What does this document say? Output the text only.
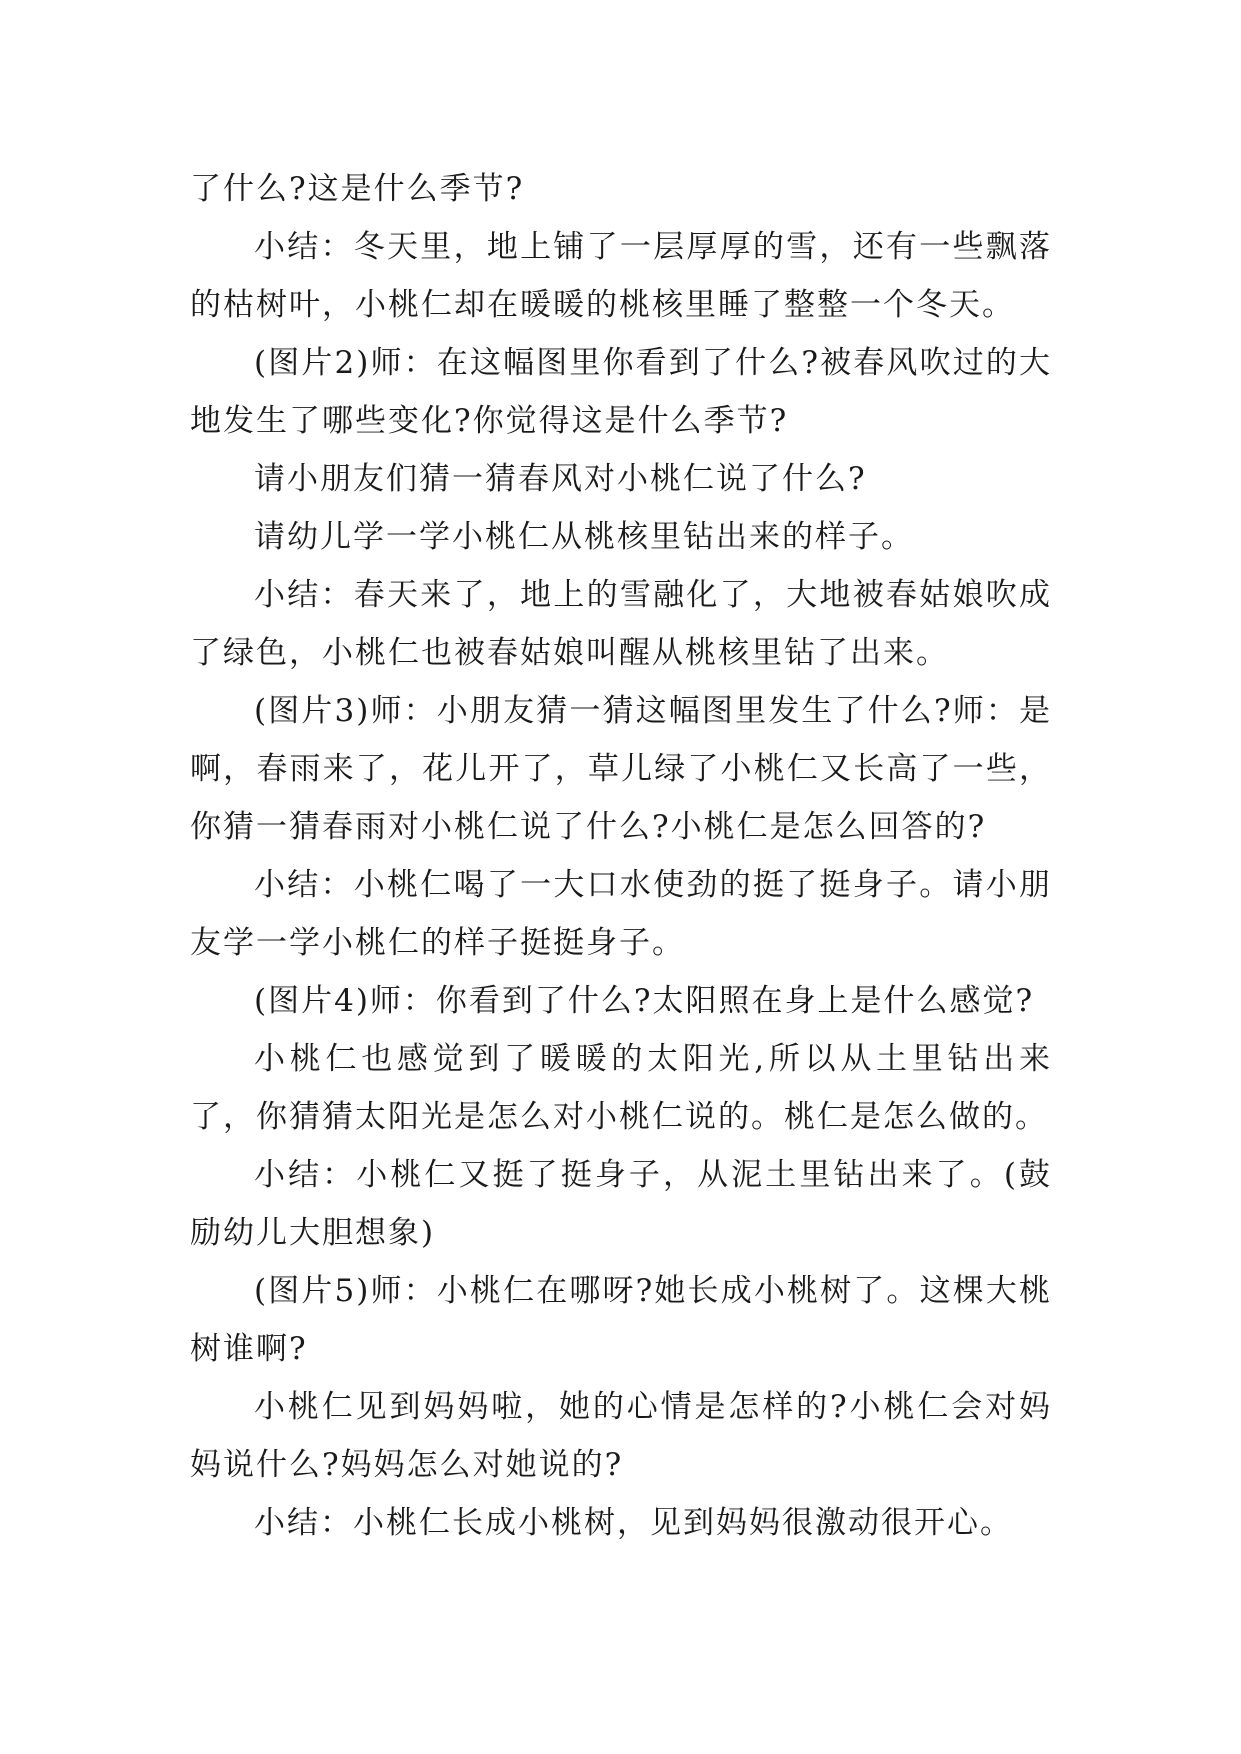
了什么?这是什么季节?

小结：冬天里，地上铺了一层厚厚的雪，还有一些飘落的枯树叶，小桃仁却在暖暖的桃核里睡了整整一个冬天。

(图片2)师：在这幅图里你看到了什么?被春风吹过的大地发生了哪些变化?你觉得这是什么季节?

请小朋友们猜一猜春风对小桃仁说了什么?

请幼儿学一学小桃仁从桃核里钻出来的样子。

小结：春天来了，地上的雪融化了，大地被春姑娘吹成了绿色，小桃仁也被春姑娘叫醒从桃核里钻了出来。

(图片3)师：小朋友猜一猜这幅图里发生了什么?师：是啊，春雨来了，花儿开了，草儿绿了小桃仁又长高了一些，你猜一猜春雨对小桃仁说了什么?小桃仁是怎么回答的?

小结：小桃仁喝了一大口水使劲的挺了挺身子。请小朋友学一学小桃仁的样子挺挺身子。

(图片4)师：你看到了什么?太阳照在身上是什么感觉?

小桃仁也感觉到了暖暖的太阳光,所以从土里钻出来了，你猜猜太阳光是怎么对小桃仁说的。桃仁是怎么做的。

小结：小桃仁又挺了挺身子，从泥土里钻出来了。(鼓励幼儿大胆想象)

(图片5)师：小桃仁在哪呀?她长成小桃树了。这棵大桃树谁啊?

小桃仁见到妈妈啦，她的心情是怎样的?小桃仁会对妈妈说什么?妈妈怎么对她说的?

小结：小桃仁长成小桃树，见到妈妈很激动很开心。
